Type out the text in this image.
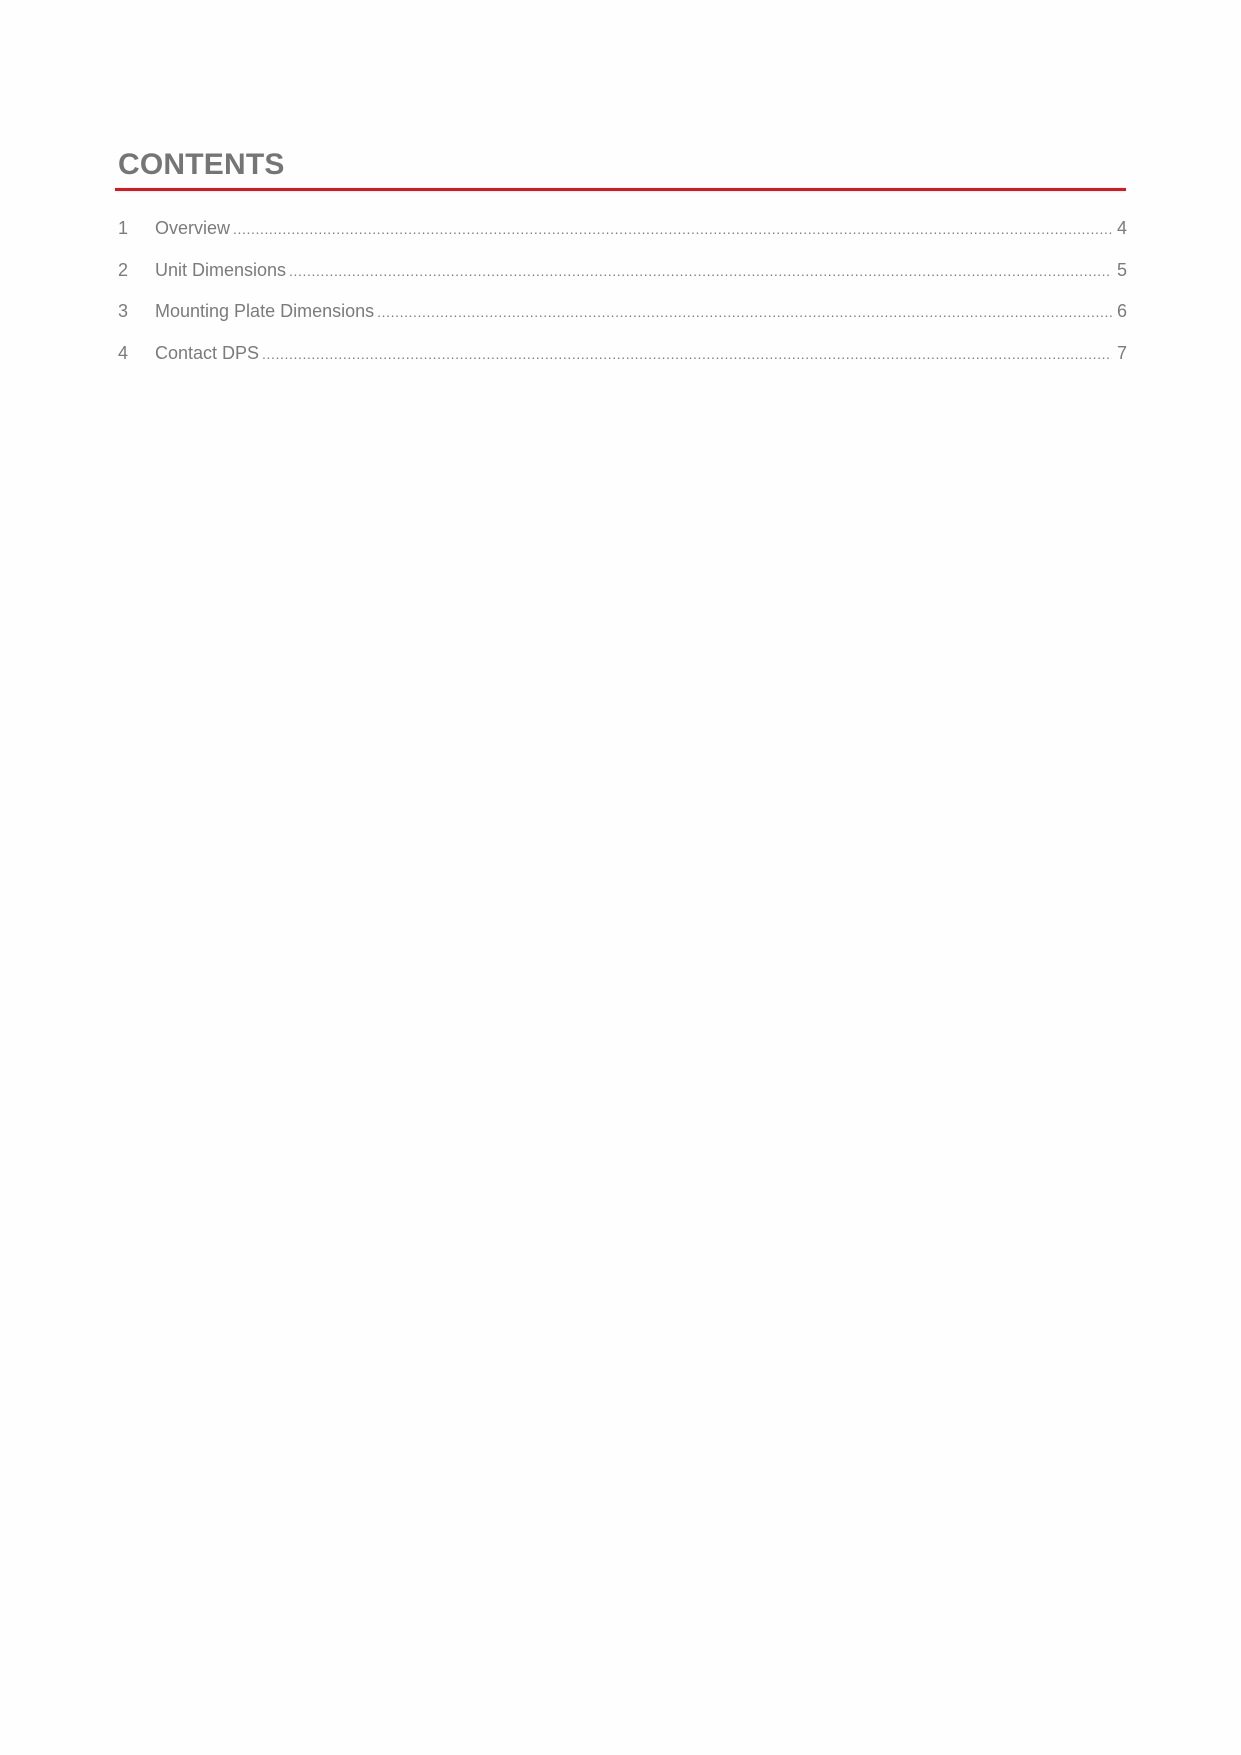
CONTENTS
1	Overview .....	4
2	Unit Dimensions .....	5
3	Mounting Plate Dimensions .....	6
4	Contact DPS .....	7
